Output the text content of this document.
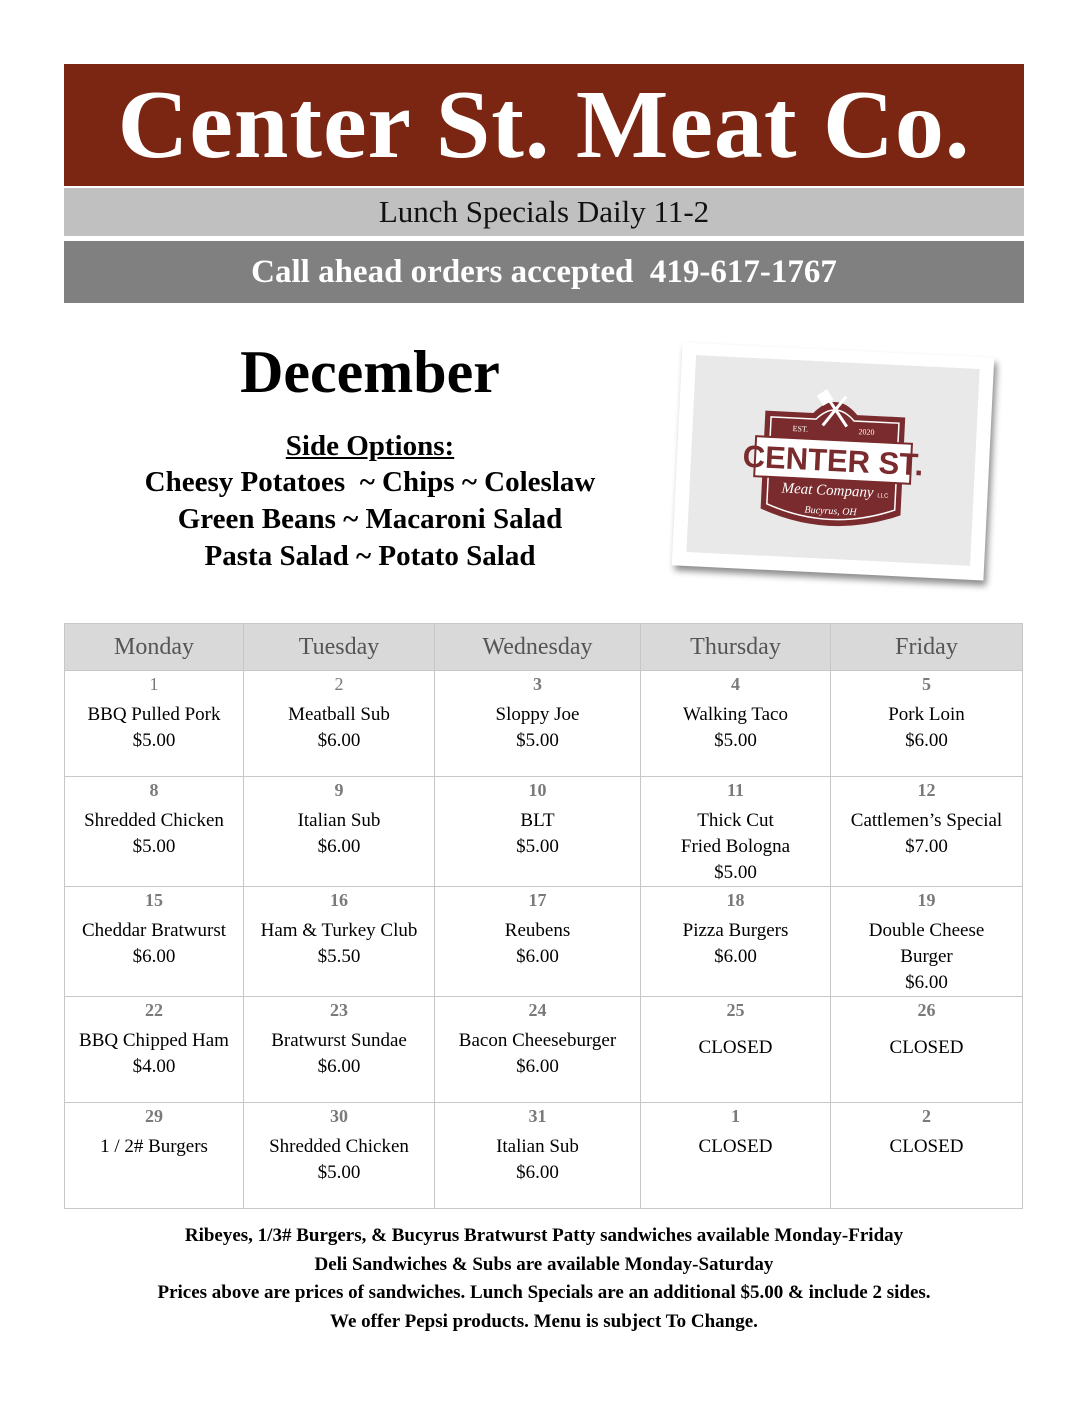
Center St. Meat Co.
Lunch Specials Daily 11-2
Call ahead orders accepted  419-617-1767
December
Side Options:
Cheesy Potatoes  ~ Chips ~ Coleslaw
Green Beans ~ Macaroni Salad
Pasta Salad ~ Potato Salad
EST.	2020
CENTER ST.
Meat Company LLC
Bucyrus, OH
Monday	Tuesday	Wednesday	Thursday	Friday

1
BBQ Pulled Pork
$5.00	2
Meatball Sub
$6.00	3
Sloppy Joe
$5.00	4
Walking Taco
$5.00	5
Pork Loin
$6.00

8
Shredded Chicken
$5.00	9
Italian Sub
$6.00	10
BLT
$5.00	11
Thick Cut
Fried Bologna
$5.00	12
Cattlemen’s Special
$7.00

15
Cheddar Bratwurst
$6.00	16
Ham & Turkey Club
$5.50	17
Reubens
$6.00	18
Pizza Burgers
$6.00	19
Double Cheese
Burger
$6.00

22
BBQ Chipped Ham
$4.00	23
Bratwurst Sundae
$6.00	24
Bacon Cheeseburger
$6.00	25
CLOSED	26
CLOSED

29
1 / 2# Burgers	30
Shredded Chicken
$5.00	31
Italian Sub
$6.00	1
CLOSED	2
CLOSED
Ribeyes, 1/3# Burgers, & Bucyrus Bratwurst Patty sandwiches available Monday-Friday
Deli Sandwiches & Subs are available Monday-Saturday
Prices above are prices of sandwiches. Lunch Specials are an additional $5.00 & include 2 sides.
We offer Pepsi products. Menu is subject To Change.
